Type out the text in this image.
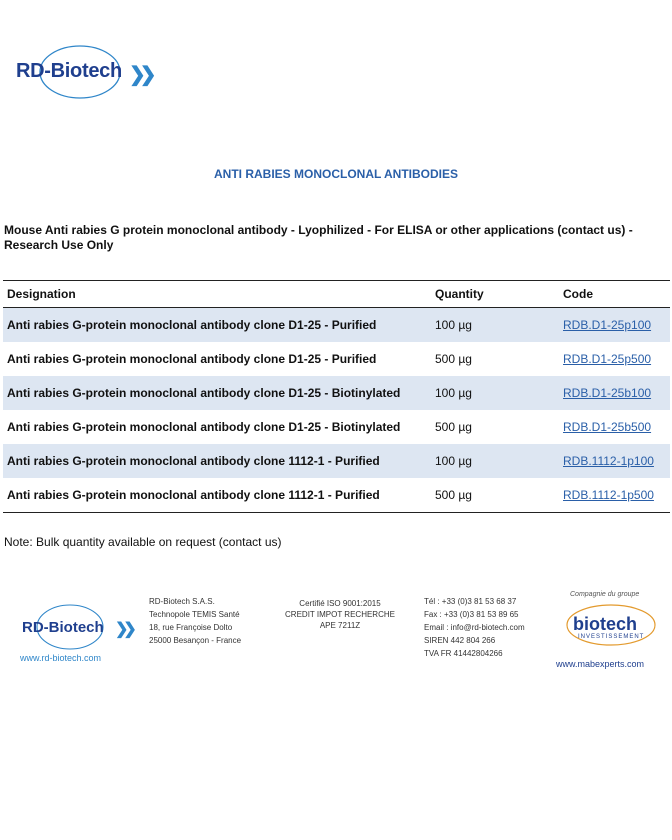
RD-Biotech ❯❯
ANTI RABIES MONOCLONAL ANTIBODIES
Mouse Anti rabies G protein monoclonal antibody - Lyophilized - For ELISA or other applications (contact us) - Research Use Only
Designation	Quantity	Code
Anti rabies G-protein monoclonal antibody clone D1-25 - Purified	100 µg	RDB.D1-25p100
Anti rabies G-protein monoclonal antibody clone D1-25 - Purified	500 µg	RDB.D1-25p500
Anti rabies G-protein monoclonal antibody clone D1-25 - Biotinylated	100 µg	RDB.D1-25b100
Anti rabies G-protein monoclonal antibody clone D1-25 - Biotinylated	500 µg	RDB.D1-25b500
Anti rabies G-protein monoclonal antibody clone 1112-1 - Purified	100 µg	RDB.1112-1p100
Anti rabies G-protein monoclonal antibody clone 1112-1 - Purified	500 µg	RDB.1112-1p500
Note: Bulk quantity available on request (contact us)
RD-Biotech ❯❯
www.rd-biotech.com
RD-Biotech S.A.S.
Technopole TEMIS Santé
18, rue Françoise Dolto
25000 Besançon - France
Certifié ISO 9001:2015
CREDIT IMPOT RECHERCHE
APE 7211Z
Tél : +33 (0)3 81 53 68 37
Fax : +33 (0)3 81 53 89 65
Email : info@rd-biotech.com
SIREN 442 804 266
TVA FR 41442804266
Compagnie du groupe
biotech
INVESTISSEMENT
www.mabexperts.com
